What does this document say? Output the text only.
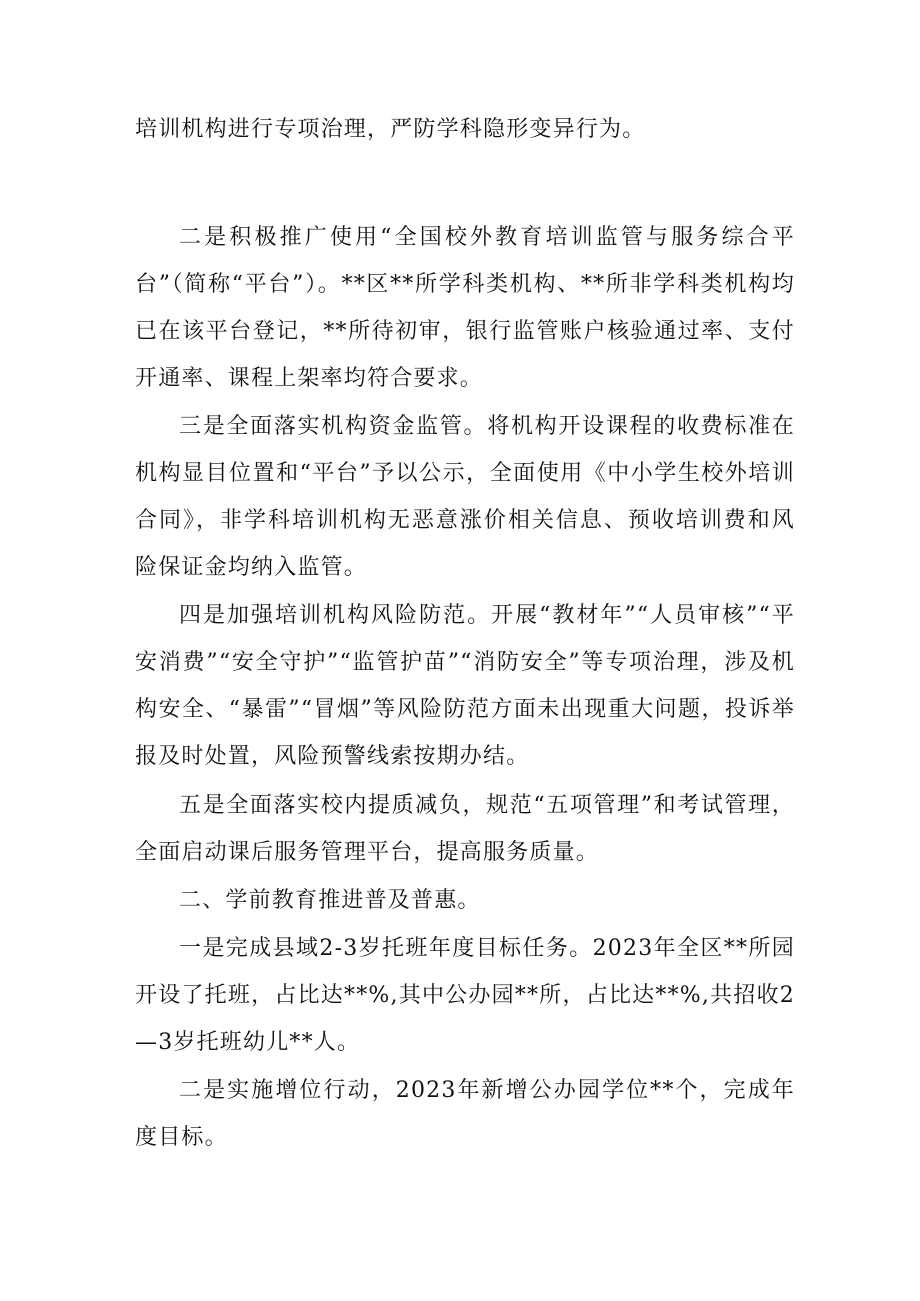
培训机构进行专项治理，严防学科隐形变异行为。

二是积极推广使用“全国校外教育培训监管与服务综合平台”（简称“平台”）。**区**所学科类机构、**所非学科类机构均已在该平台登记，**所待初审，银行监管账户核验通过率、支付开通率、课程上架率均符合要求。

三是全面落实机构资金监管。将机构开设课程的收费标准在机构显目位置和“平台”予以公示，全面使用《中小学生校外培训合同》，非学科培训机构无恶意涨价相关信息、预收培训费和风险保证金均纳入监管。

四是加强培训机构风险防范。开展“教材年”“人员审核”“平安消费”“安全守护”“监管护苗”“消防安全”等专项治理，涉及机构安全、“暴雷”“冒烟”等风险防范方面未出现重大问题，投诉举报及时处置，风险预警线索按期办结。

五是全面落实校内提质减负，规范“五项管理”和考试管理，全面启动课后服务管理平台，提高服务质量。

二、学前教育推进普及普惠。

一是完成县域2-3岁托班年度目标任务。2023年全区**所园开设了托班，占比达**%,其中公办园**所，占比达**%,共招收2—3岁托班幼儿**人。

二是实施增位行动，2023年新增公办园学位**个，完成年度目标。
